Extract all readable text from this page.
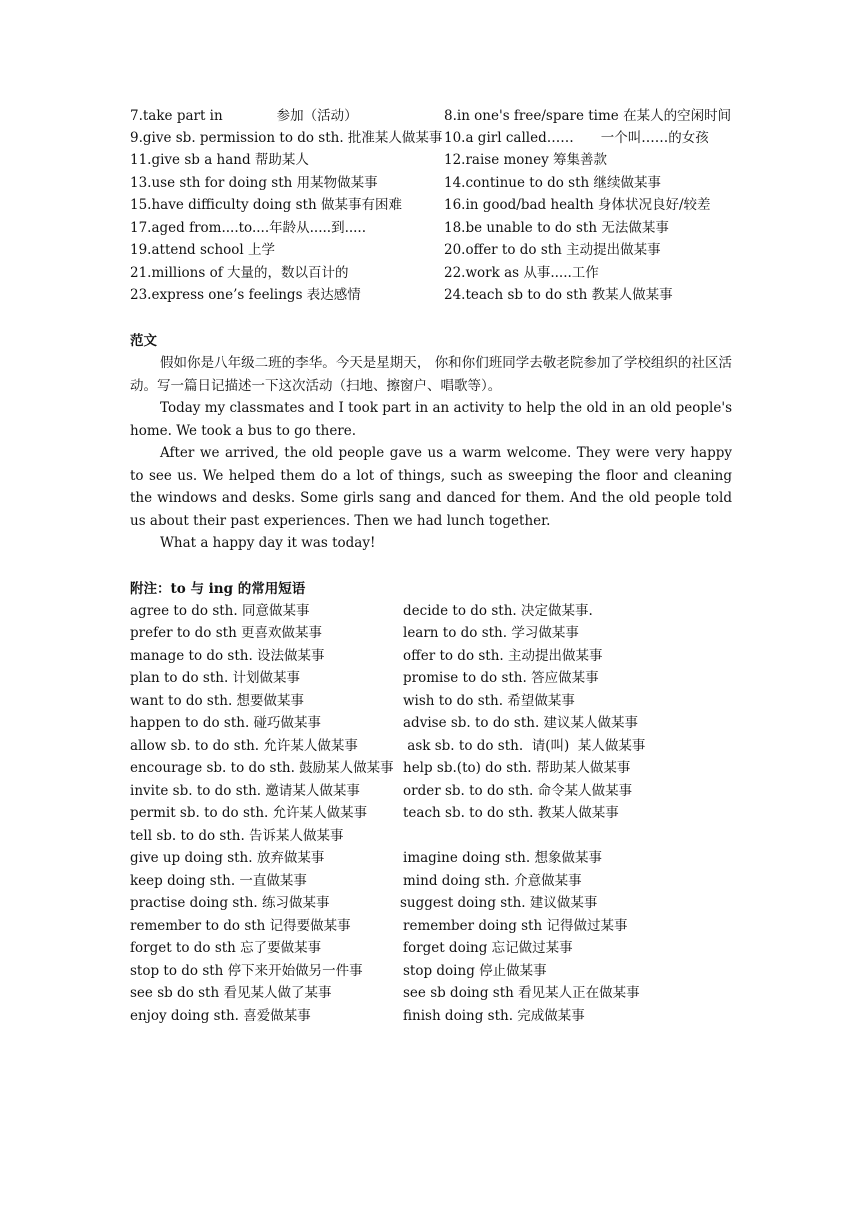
7.take part in　　　　参加（活动）	8.in one's free/spare time 在某人的空闲时间
9.give sb. permission to do sth. 批准某人做某事 10.a girl called……　　一个叫……的女孩
11.give sb a hand 帮助某人	12.raise money 筹集善款
13.use sth for doing sth 用某物做某事	14.continue to do sth 继续做某事
15.have difficulty doing sth 做某事有困难	16.in good/bad health 身体状况良好/较差
17.aged from....to....年龄从.....到.....	18.be unable to do sth 无法做某事
19.attend school 上学	20.offer to do sth 主动提出做某事
21.millions of 大量的，数以百计的	22.work as 从事.....工作
23.express one’s feelings 表达感情	24.teach sb to do sth 教某人做某事
范文
假如你是八年级二班的李华。今天是星期天， 你和你们班同学去敬老院参加了学校组织的社区活动。写一篇日记描述一下这次活动（扫地、擦窗户、唱歌等）。
Today my classmates and I took part in an activity to help the old in an old people's home. We took a bus to go there.
After we arrived, the old people gave us a warm welcome. They were very happy to see us. We helped them do a lot of things, such as sweeping the floor and cleaning the windows and desks. Some girls sang and danced for them. And the old people told us about their past experiences. Then we had lunch together.
What a happy day it was today!
附注：to 与 ing 的常用短语
agree to do sth. 同意做某事	decide to do sth. 决定做某事.
prefer to do sth 更喜欢做某事	learn to do sth. 学习做某事
manage to do sth. 设法做某事	offer to do sth. 主动提出做某事
plan to do sth. 计划做某事	promise to do sth. 答应做某事
want to do sth. 想要做某事	wish to do sth. 希望做某事
happen to do sth. 碰巧做某事	advise sb. to do sth. 建议某人做某事
allow sb. to do sth. 允许某人做某事	ask sb. to do sth.  请(叫)  某人做某事
encourage sb. to do sth. 鼓励某人做某事 help sb.(to) do sth. 帮助某人做某事
invite sb. to do sth. 邀请某人做某事	order sb. to do sth. 命令某人做某事
permit sb. to do sth. 允许某人做某事	teach sb. to do sth. 教某人做某事
tell sb. to do sth. 告诉某人做某事
give up doing sth. 放弃做某事	imagine doing sth. 想象做某事
keep doing sth. 一直做某事	mind doing sth. 介意做某事
practise doing sth. 练习做某事	suggest doing sth. 建议做某事
remember to do sth 记得要做某事	remember doing sth 记得做过某事
forget to do sth 忘了要做某事	forget doing 忘记做过某事
stop to do sth 停下来开始做另一件事	stop doing 停止做某事
see sb do sth 看见某人做了某事	see sb doing sth 看见某人正在做某事
enjoy doing sth. 喜爱做某事	finish doing sth. 完成做某事
